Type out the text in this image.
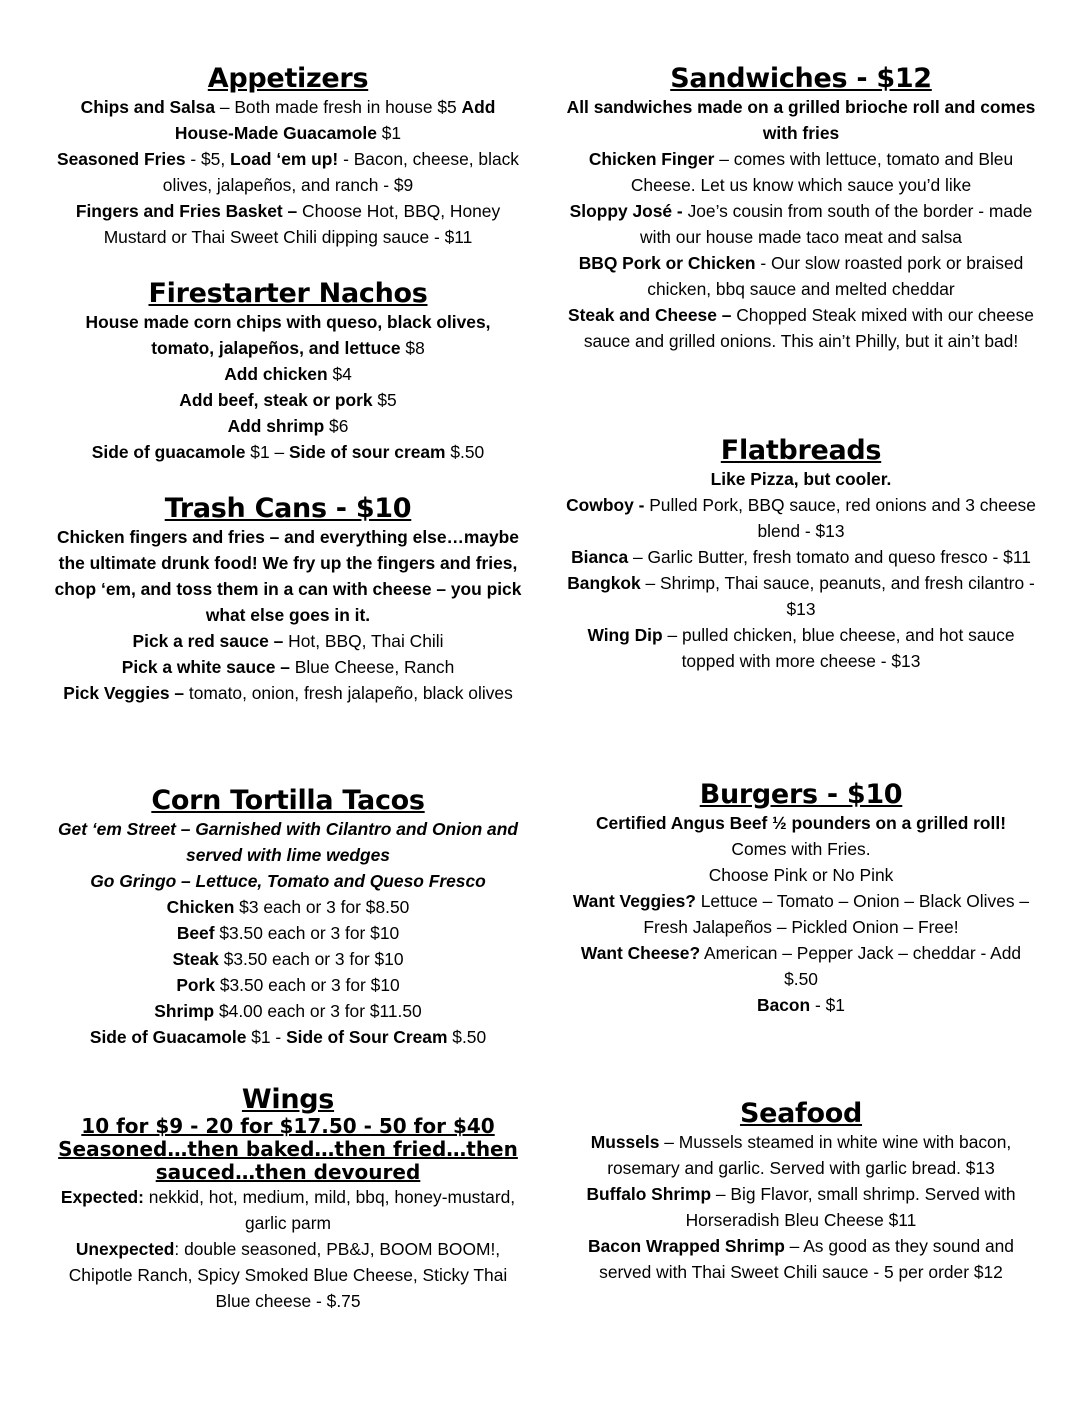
Appetizers

Chips and Salsa – Both made fresh in house $5 Add House-Made Guacamole $1

Seasoned Fries - $5, Load ‘em up! - Bacon, cheese, black olives, jalapeños, and ranch - $9

Fingers and Fries Basket – Choose Hot, BBQ, Honey Mustard or Thai Sweet Chili dipping sauce - $11

Firestarter Nachos

House made corn chips with queso, black olives, tomato, jalapeños, and lettuce $8

Add chicken $4

Add beef, steak or pork $5

Add shrimp $6

Side of guacamole $1 – Side of sour cream $.50

Trash Cans - $10

Chicken fingers and fries – and everything else…maybe the ultimate drunk food! We fry up the fingers and fries, chop ‘em, and toss them in a can with cheese – you pick what else goes in it.

Pick a red sauce – Hot, BBQ, Thai Chili

Pick a white sauce – Blue Cheese, Ranch

Pick Veggies – tomato, onion, fresh jalapeño, black olives

Corn Tortilla Tacos

Get ‘em Street – Garnished with Cilantro and Onion and served with lime wedges

Go Gringo – Lettuce, Tomato and Queso Fresco

Chicken $3 each or 3 for $8.50

Beef $3.50 each or 3 for $10

Steak $3.50 each or 3 for $10

Pork $3.50 each or 3 for $10

Shrimp $4.00 each or 3 for $11.50

Side of Guacamole $1 - Side of Sour Cream $.50

Wings
10 for $9 - 20 for $17.50 - 50 for $40
Seasoned…then baked…then fried…then sauced…then devoured

Expected: nekkid, hot, medium, mild, bbq, honey-mustard, garlic parm

Unexpected: double seasoned, PB&J, BOOM BOOM!, Chipotle Ranch, Spicy Smoked Blue Cheese, Sticky Thai

Blue cheese - $.75

Sandwiches - $12

All sandwiches made on a grilled brioche roll and comes with fries

Chicken Finger – comes with lettuce, tomato and Bleu Cheese. Let us know which sauce you’d like

Sloppy José - Joe’s cousin from south of the border - made with our house made taco meat and salsa

BBQ Pork or Chicken - Our slow roasted pork or braised chicken, bbq sauce and melted cheddar

Steak and Cheese – Chopped Steak mixed with our cheese sauce and grilled onions. This ain’t Philly, but it ain’t bad!

Flatbreads

Like Pizza, but cooler.

Cowboy - Pulled Pork, BBQ sauce, red onions and 3 cheese blend - $13

Bianca – Garlic Butter, fresh tomato and queso fresco - $11

Bangkok – Shrimp, Thai sauce, peanuts, and fresh cilantro - $13

Wing Dip – pulled chicken, blue cheese, and hot sauce topped with more cheese - $13

Burgers - $10

Certified Angus Beef ½ pounders on a grilled roll!

Comes with Fries.

Choose Pink or No Pink

Want Veggies? Lettuce – Tomato – Onion – Black Olives – Fresh Jalapeños – Pickled Onion – Free!

Want Cheese? American – Pepper Jack – cheddar - Add $.50

Bacon - $1

Seafood

Mussels – Mussels steamed in white wine with bacon, rosemary and garlic. Served with garlic bread. $13

Buffalo Shrimp – Big Flavor, small shrimp. Served with Horseradish Bleu Cheese $11

Bacon Wrapped Shrimp – As good as they sound and served with Thai Sweet Chili sauce - 5 per order $12
